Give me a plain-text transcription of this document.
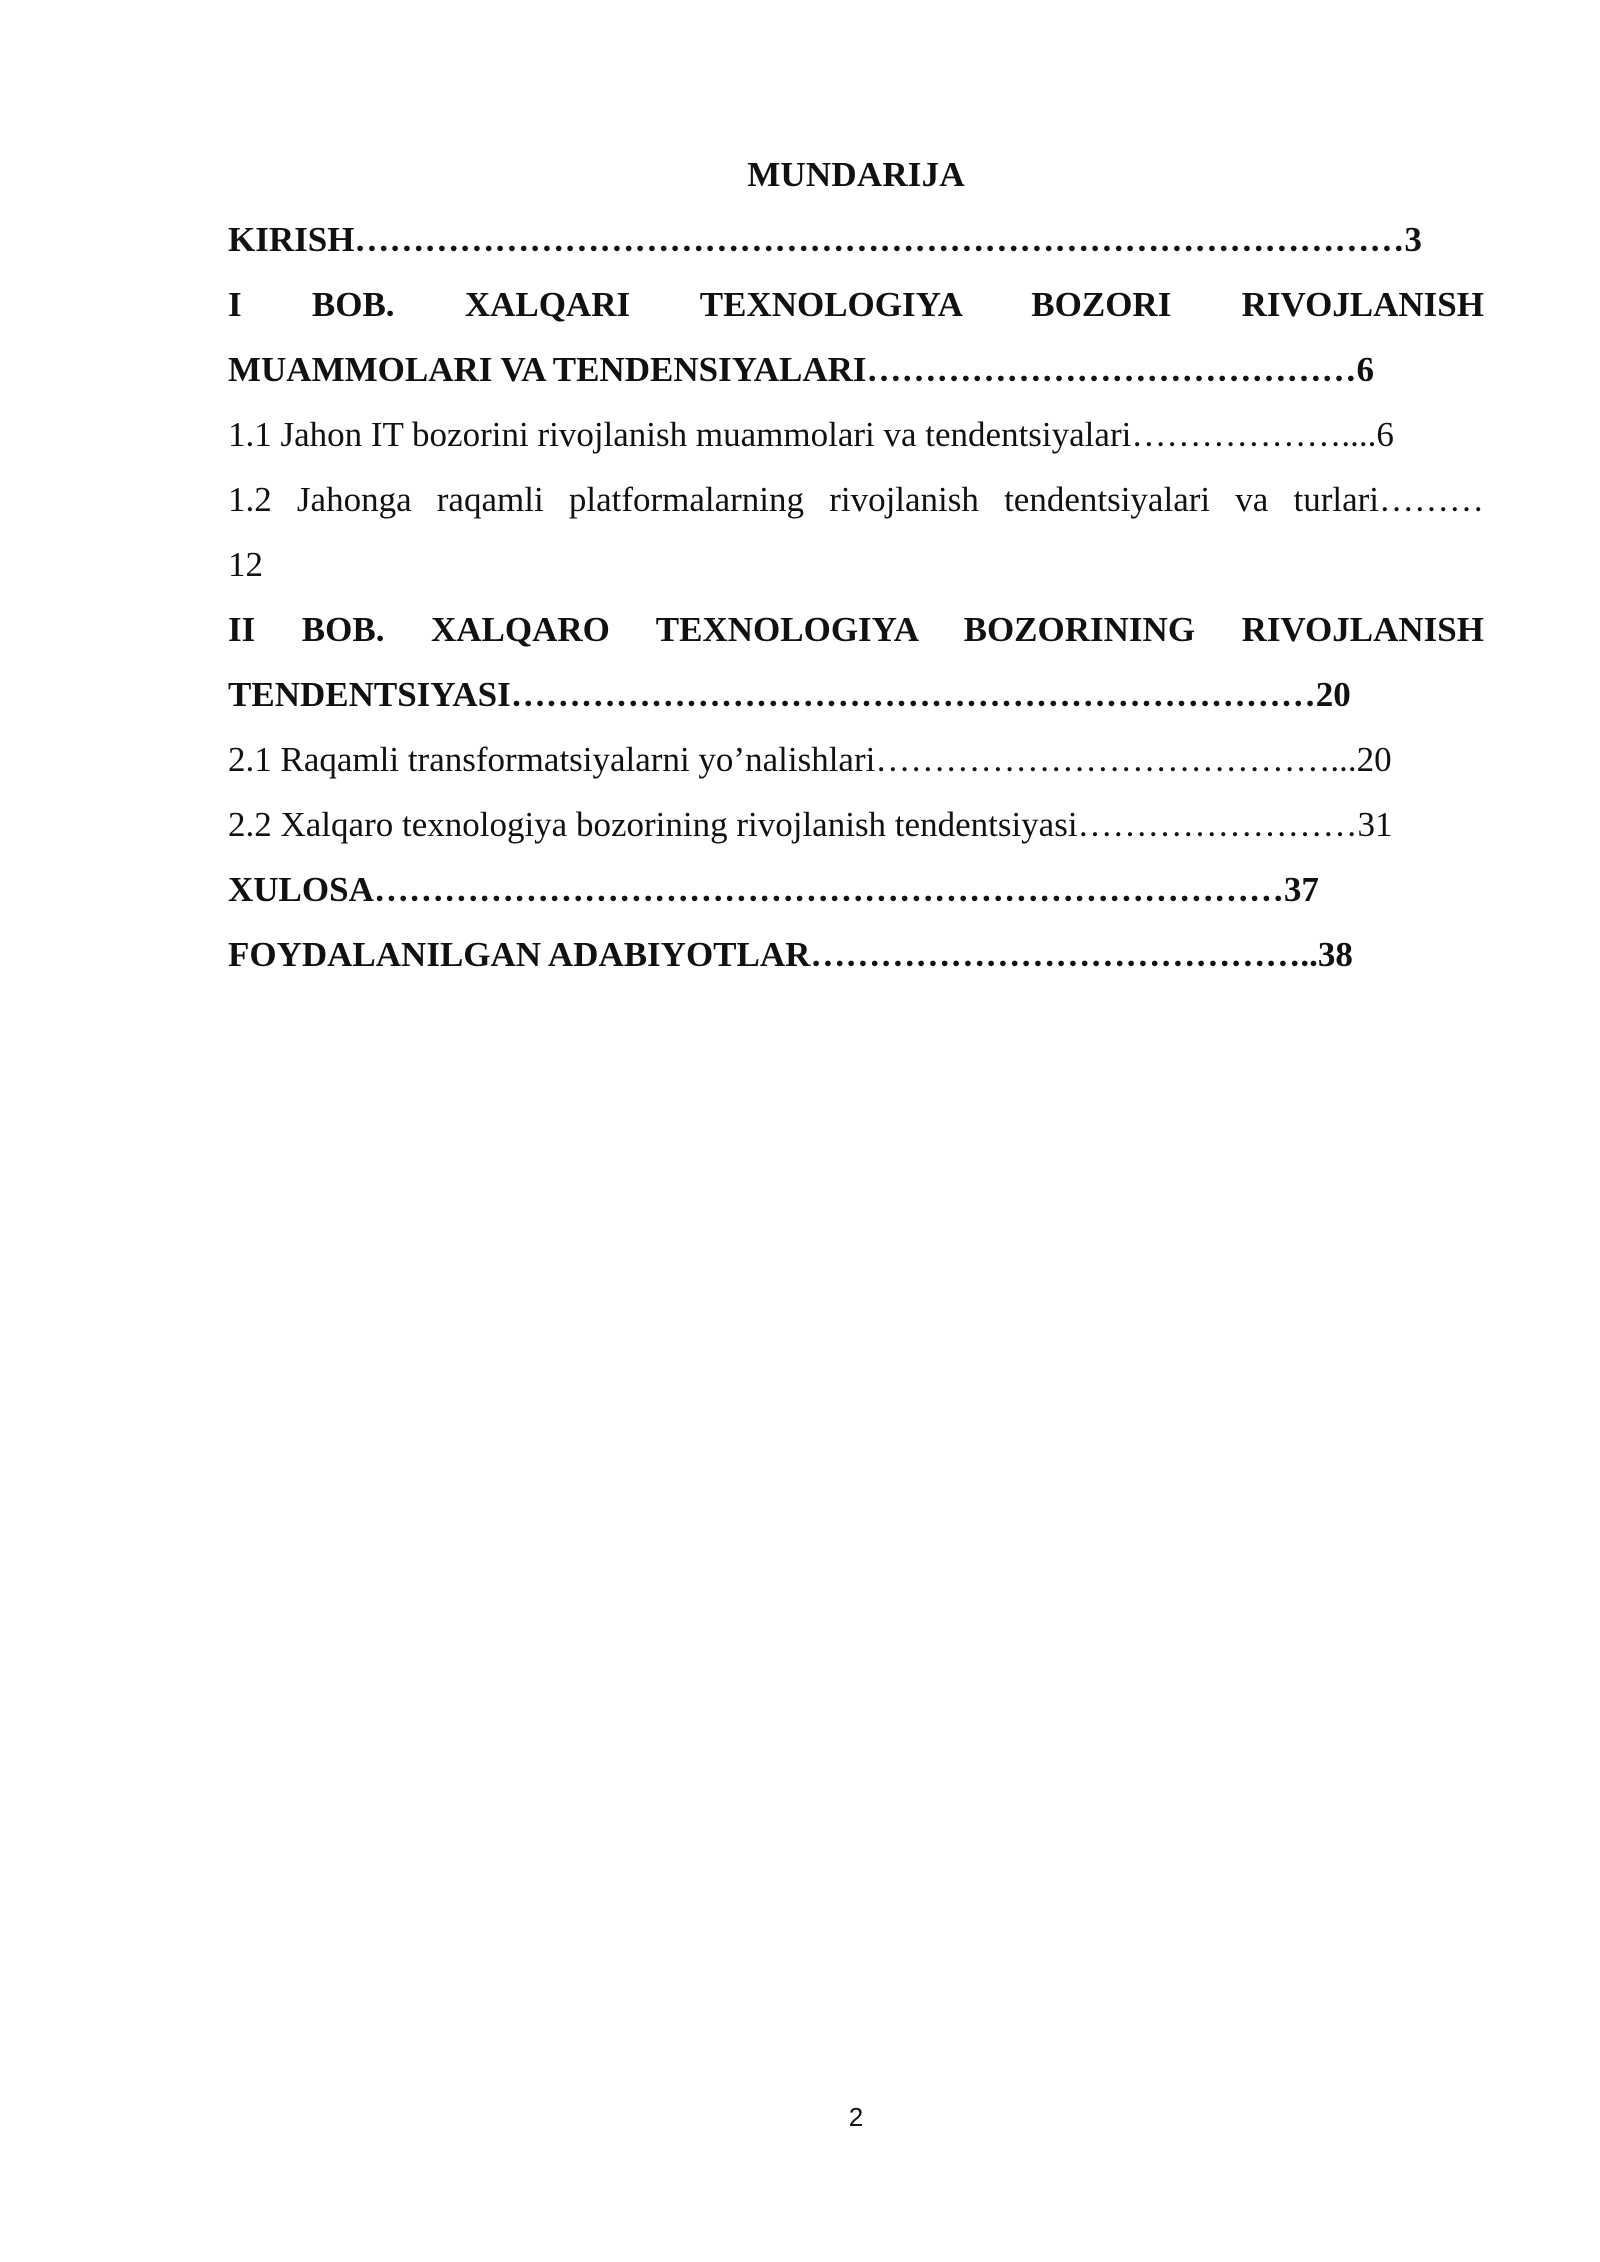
MUNDARIJA
KIRISH………………………………………………………………………………3
I BOB. XALQARI TEXNOLOGIYA BOZORI RIVOJLANISH
MUAMMOLARI VA TENDENSIYALARI……………………………………6
1.1 Jahon IT bozorini rivojlanish muammolari va tendentsiyalari………………....6
1.2 Jahonga raqamli platformalarning rivojlanish tendentsiyalari va turlari………
12
II BOB. XALQARO TEXNOLOGIYA BOZORINING RIVOJLANISH
TENDENTSIYASI……………………………………………………………20
2.1 Raqamli transformatsiyalarni yo’nalishlari…………………………………...20
2.2 Xalqaro texnologiya bozorining rivojlanish tendentsiyasi……………………31
XULOSA……………………………………………………………………37
FOYDALANILGAN ADABIYOTLAR……………………………………..38
2
